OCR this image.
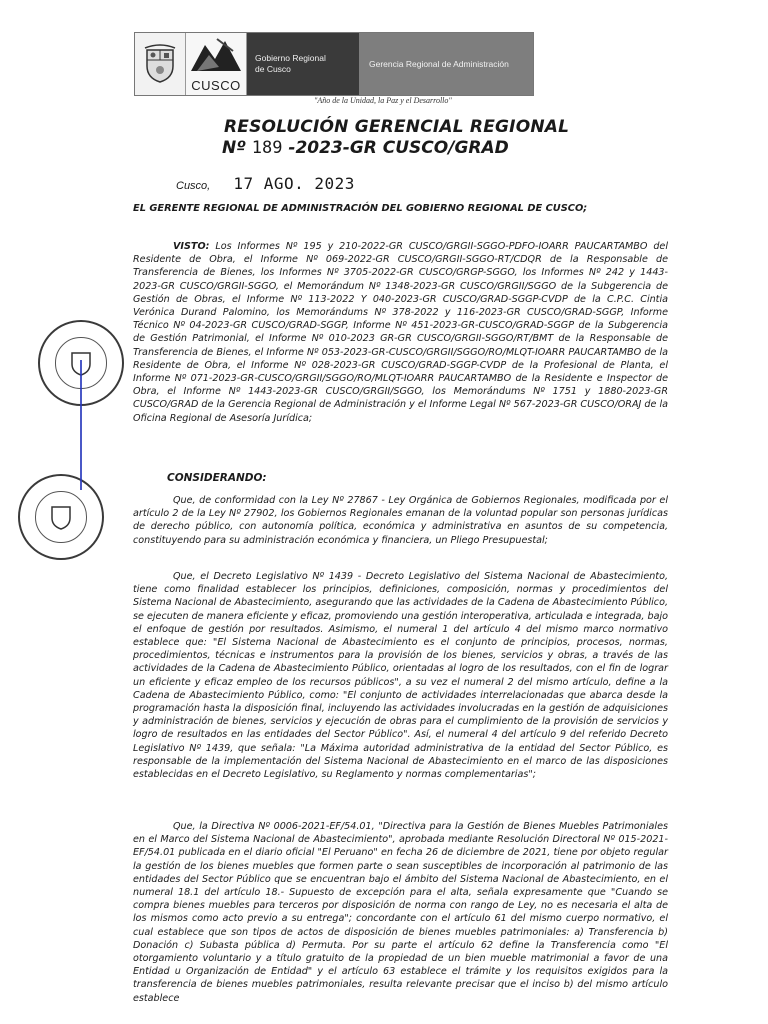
CUSCO
Gobierno Regional
de Cusco	Gerencia Regional de Administración
"Año de la Unidad, la Paz y el Desarrollo"
RESOLUCIÓN GERENCIAL REGIONAL
Nº 189 -2023-GR CUSCO/GRAD
Cusco, 17 AGO. 2023
EL GERENTE REGIONAL DE ADMINISTRACIÓN DEL GOBIERNO REGIONAL DE CUSCO;
VISTO: Los Informes Nº 195 y 210-2022-GR CUSCO/GRGII-SGGO-PDFO-IOARR PAUCARTAMBO del Residente de Obra, el Informe Nº 069-2022-GR CUSCO/GRGII-SGGO-RT/CDQR de la Responsable de Transferencia de Bienes, los Informes Nº 3705-2022-GR CUSCO/GRGP-SGGO, los Informes Nº 242 y 1443-2023-GR CUSCO/GRGII-SGGO, el Memorándum Nº 1348-2023-GR CUSCO/GRGII/SGGO de la Subgerencia de Gestión de Obras, el Informe Nº 113-2022 Y 040-2023-GR CUSCO/GRAD-SGGP-CVDP de la C.P.C. Cintia Verónica Durand Palomino, los Memorándums Nº 378-2022 y 116-2023-GR CUSCO/GRAD-SGGP, Informe Técnico Nº 04-2023-GR CUSCO/GRAD-SGGP, Informe Nº 451-2023-GR-CUSCO/GRAD-SGGP de la Subgerencia de Gestión Patrimonial, el Informe Nº 010-2023 GR-GR CUSCO/GRGII-SGGO/RT/BMT de la Responsable de Transferencia de Bienes, el Informe Nº 053-2023-GR-CUSCO/GRGII/SGGO/RO/MLQT-IOARR PAUCARTAMBO de la Residente de Obra, el Informe Nº 028-2023-GR CUSCO/GRAD-SGGP-CVDP de la Profesional de Planta, el Informe Nº 071-2023-GR-CUSCO/GRGII/SGGO/RO/MLQT-IOARR PAUCARTAMBO de la Residente e Inspector de Obra, el Informe Nº 1443-2023-GR CUSCO/GRGII/SGGO, los Memorándums Nº 1751 y 1880-2023-GR CUSCO/GRAD de la Gerencia Regional de Administración y el Informe Legal Nº 567-2023-GR CUSCO/ORAJ de la Oficina Regional de Asesoría Jurídica;
CONSIDERANDO:
Que, de conformidad con la Ley Nº 27867 - Ley Orgánica de Gobiernos Regionales, modificada por el artículo 2 de la Ley Nº 27902, los Gobiernos Regionales emanan de la voluntad popular son personas jurídicas de derecho público, con autonomía política, económica y administrativa en asuntos de su competencia, constituyendo para su administración económica y financiera, un Pliego Presupuestal;
Que, el Decreto Legislativo Nº 1439 - Decreto Legislativo del Sistema Nacional de Abastecimiento, tiene como finalidad establecer los principios, definiciones, composición, normas y procedimientos del Sistema Nacional de Abastecimiento, asegurando que las actividades de la Cadena de Abastecimiento Público, se ejecuten de manera eficiente y eficaz, promoviendo una gestión interoperativa, articulada e integrada, bajo el enfoque de gestión por resultados. Asimismo, el numeral 1 del artículo 4 del mismo marco normativo establece que: "El Sistema Nacional de Abastecimiento es el conjunto de principios, procesos, normas, procedimientos, técnicas e instrumentos para la provisión de los bienes, servicios y obras, a través de las actividades de la Cadena de Abastecimiento Público, orientadas al logro de los resultados, con el fin de lograr un eficiente y eficaz empleo de los recursos públicos", a su vez el numeral 2 del mismo artículo, define a la Cadena de Abastecimiento Público, como: "El conjunto de actividades interrelacionadas que abarca desde la programación hasta la disposición final, incluyendo las actividades involucradas en la gestión de adquisiciones y administración de bienes, servicios y ejecución de obras para el cumplimiento de la provisión de servicios y logro de resultados en las entidades del Sector Público". Así, el numeral 4 del artículo 9 del referido Decreto Legislativo Nº 1439, que señala: "La Máxima autoridad administrativa de la entidad del Sector Público, es responsable de la implementación del Sistema Nacional de Abastecimiento en el marco de las disposiciones establecidas en el Decreto Legislativo, su Reglamento y normas complementarias";
Que, la Directiva Nº 0006-2021-EF/54.01, "Directiva para la Gestión de Bienes Muebles Patrimoniales en el Marco del Sistema Nacional de Abastecimiento", aprobada mediante Resolución Directoral Nº 015-2021- EF/54.01 publicada en el diario oficial "El Peruano" en fecha 26 de diciembre de 2021, tiene por objeto regular la gestión de los bienes muebles que formen parte o sean susceptibles de incorporación al patrimonio de las entidades del Sector Público que se encuentran bajo el ámbito del Sistema Nacional de Abastecimiento, en el numeral 18.1 del artículo 18.- Supuesto de excepción para el alta, señala expresamente que "Cuando se compra bienes muebles para terceros por disposición de norma con rango de Ley, no es necesaria el alta de los mismos como acto previo a su entrega"; concordante con el artículo 61 del mismo cuerpo normativo, el cual establece que son tipos de actos de disposición de bienes muebles patrimoniales: a) Transferencia b) Donación c) Subasta pública d) Permuta. Por su parte el artículo 62 define la Transferencia como "El otorgamiento voluntario y a título gratuito de la propiedad de un bien mueble matrimonial a favor de una Entidad u Organización de Entidad" y el artículo 63 establece el trámite y los requisitos exigidos para la transferencia de bienes muebles patrimoniales, resulta relevante precisar que el inciso b) del mismo artículo establece
